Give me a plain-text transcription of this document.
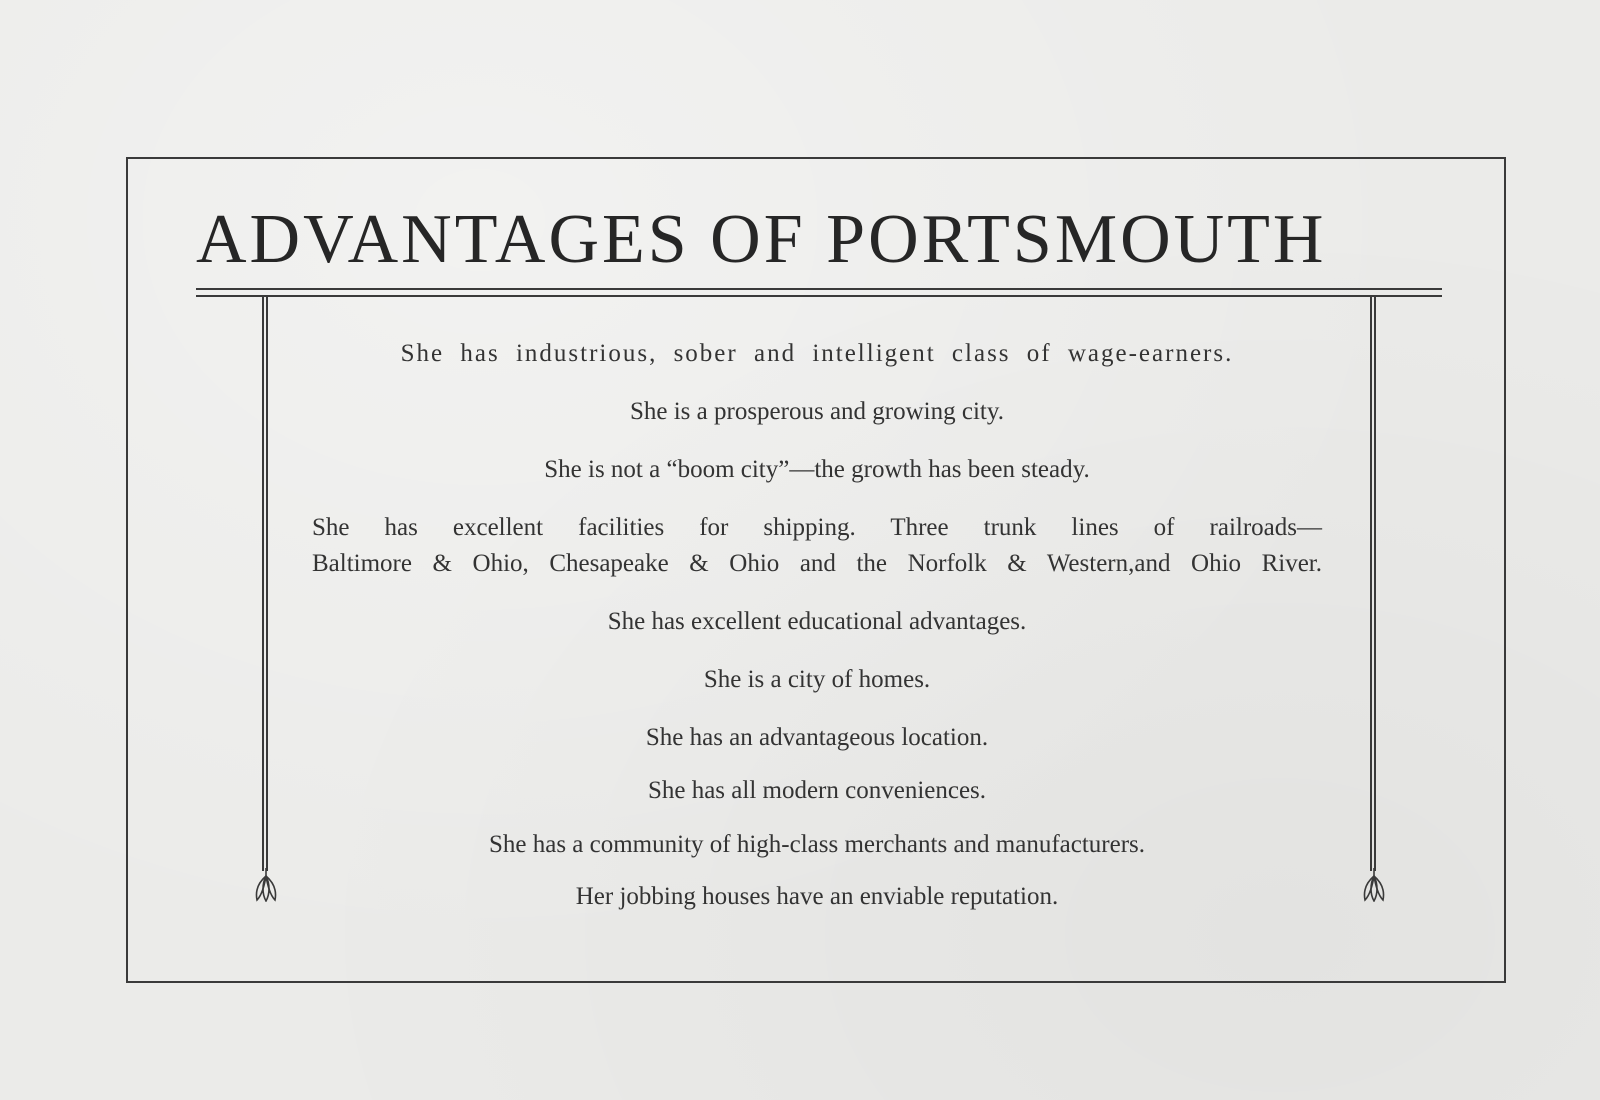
ADVANTAGES OF PORTSMOUTH

She has industrious, sober and intelligent class of wage-earners.

She is a prosperous and growing city.

She is not a “boom city”—the growth has been steady.

She has excellent facilities for shipping. Three trunk lines of railroads—

Baltimore & Ohio, Chesapeake & Ohio and the Norfolk & Western,and Ohio River.

She has excellent educational advantages.

She is a city of homes.

She has an advantageous location.

She has all modern conveniences.

She has a community of high-class merchants and manufacturers.

Her jobbing houses have an enviable reputation.
